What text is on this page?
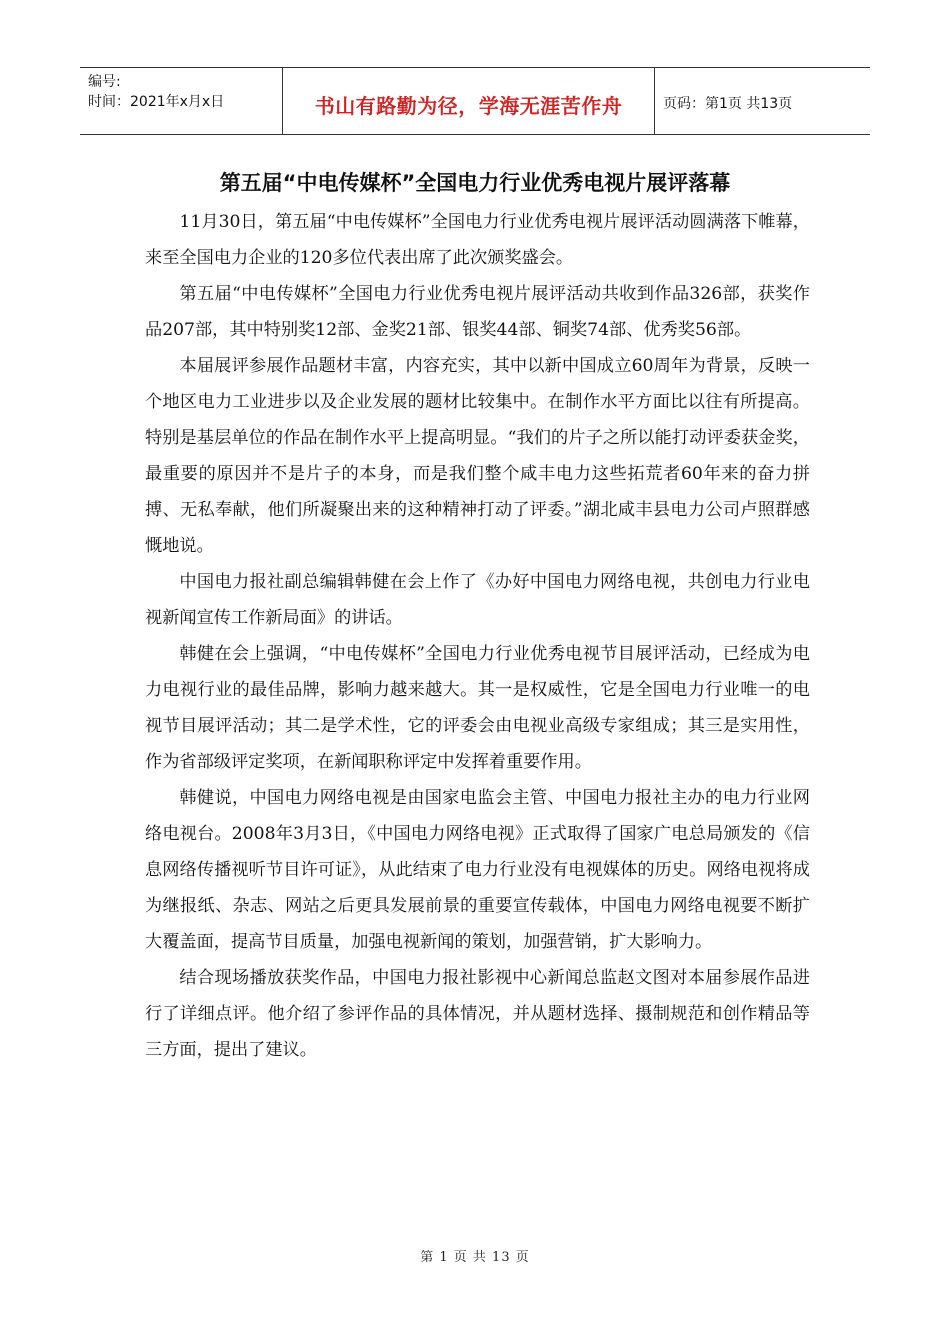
编号:
时间：2021年x月x日	书山有路勤为径，学海无涯苦作舟	页码：第1页 共13页
第五届“中电传媒杯”全国电力行业优秀电视片展评落幕

11月30日，第五届“中电传媒杯”全国电力行业优秀电视片展评活动圆满落下帷幕，来至全国电力企业的120多位代表出席了此次颁奖盛会。

第五届“中电传媒杯”全国电力行业优秀电视片展评活动共收到作品326部，获奖作品207部，其中特别奖12部、金奖21部、银奖44部、铜奖74部、优秀奖56部。

本届展评参展作品题材丰富，内容充实，其中以新中国成立60周年为背景，反映一个地区电力工业进步以及企业发展的题材比较集中。在制作水平方面比以往有所提高。特别是基层单位的作品在制作水平上提高明显。“我们的片子之所以能打动评委获金奖，最重要的原因并不是片子的本身，而是我们整个咸丰电力这些拓荒者60年来的奋力拼搏、无私奉献，他们所凝聚出来的这种精神打动了评委。”湖北咸丰县电力公司卢照群感慨地说。

中国电力报社副总编辑韩健在会上作了《办好中国电力网络电视，共创电力行业电视新闻宣传工作新局面》的讲话。

韩健在会上强调，“中电传媒杯”全国电力行业优秀电视节目展评活动，已经成为电力电视行业的最佳品牌，影响力越来越大。其一是权威性，它是全国电力行业唯一的电视节目展评活动；其二是学术性，它的评委会由电视业高级专家组成；其三是实用性，作为省部级评定奖项，在新闻职称评定中发挥着重要作用。

韩健说，中国电力网络电视是由国家电监会主管、中国电力报社主办的电力行业网络电视台。2008年3月3日，《中国电力网络电视》正式取得了国家广电总局颁发的《信息网络传播视听节目许可证》，从此结束了电力行业没有电视媒体的历史。网络电视将成为继报纸、杂志、网站之后更具发展前景的重要宣传载体，中国电力网络电视要不断扩大覆盖面，提高节目质量，加强电视新闻的策划，加强营销，扩大影响力。

结合现场播放获奖作品，中国电力报社影视中心新闻总监赵文图对本届参展作品进行了详细点评。他介绍了参评作品的具体情况，并从题材选择、摄制规范和创作精品等三方面，提出了建议。

第 1 页 共 13 页
